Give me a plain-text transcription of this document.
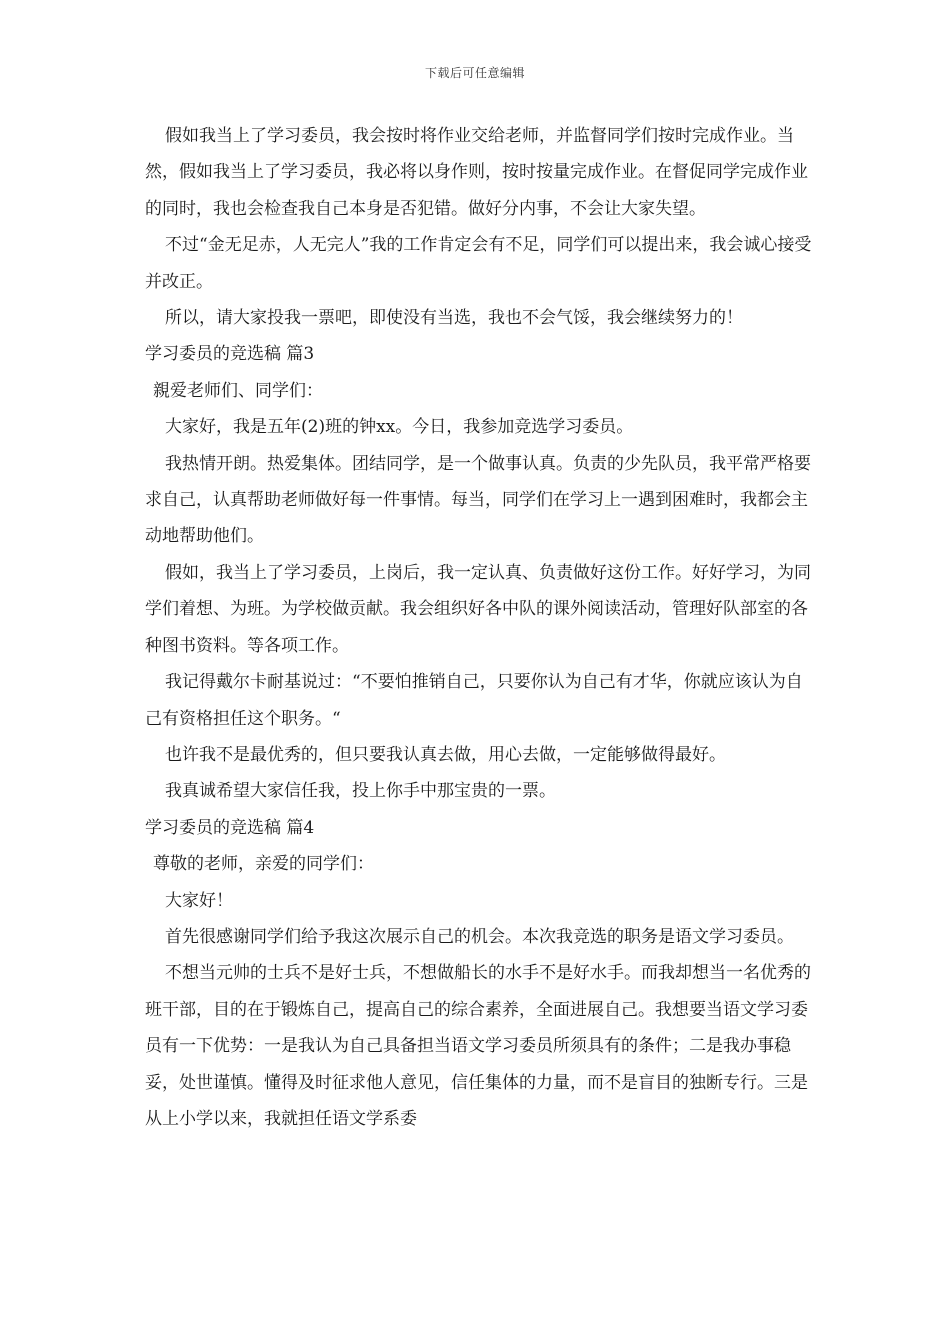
下载后可任意编辑

假如我当上了学习委员，我会按时将作业交给老师，并监督同学们按时完成作业。当然，假如我当上了学习委员，我必将以身作则，按时按量完成作业。在督促同学完成作业的同时，我也会检查我自己本身是否犯错。做好分内事，不会让大家失望。

不过“金无足赤，人无完人”我的工作肯定会有不足，同学们可以提出来，我会诚心接受并改正。

所以，请大家投我一票吧，即使没有当选，我也不会气馁，我会继续努力的！

学习委员的竞选稿 篇3

親爱老师们、同学们：

大家好，我是五年(2)班的钟xx。今日，我参加竞选学习委员。

我热情开朗。热爱集体。团结同学，是一个做事认真。负责的少先队员，我平常严格要求自己，认真帮助老师做好每一件事情。每当，同学们在学习上一遇到困难时，我都会主动地帮助他们。

假如，我当上了学习委员，上岗后，我一定认真、负责做好这份工作。好好学习，为同学们着想、为班。为学校做贡献。我会组织好各中队的课外阅读活动，管理好队部室的各种图书资料。等各项工作。

我记得戴尔卡耐基说过：“不要怕推销自己，只要你认为自己有才华，你就应该认为自己有资格担任这个职务。“

也许我不是最优秀的，但只要我认真去做，用心去做，一定能够做得最好。

我真诚希望大家信任我，投上你手中那宝贵的一票。

学习委员的竞选稿 篇4

尊敬的老师，亲爱的同学们：

大家好！

首先很感谢同学们给予我这次展示自己的机会。本次我竞选的职务是语文学习委员。

不想当元帅的士兵不是好士兵，不想做船长的水手不是好水手。而我却想当一名优秀的班干部，目的在于锻炼自己，提高自己的综合素养，全面进展自己。我想要当语文学习委员有一下优势：一是我认为自己具备担当语文学习委员所须具有的条件；二是我办事稳妥，处世谨慎。懂得及时征求他人意见，信任集体的力量，而不是盲目的独断专行。三是从上小学以来，我就担任语文学系委
